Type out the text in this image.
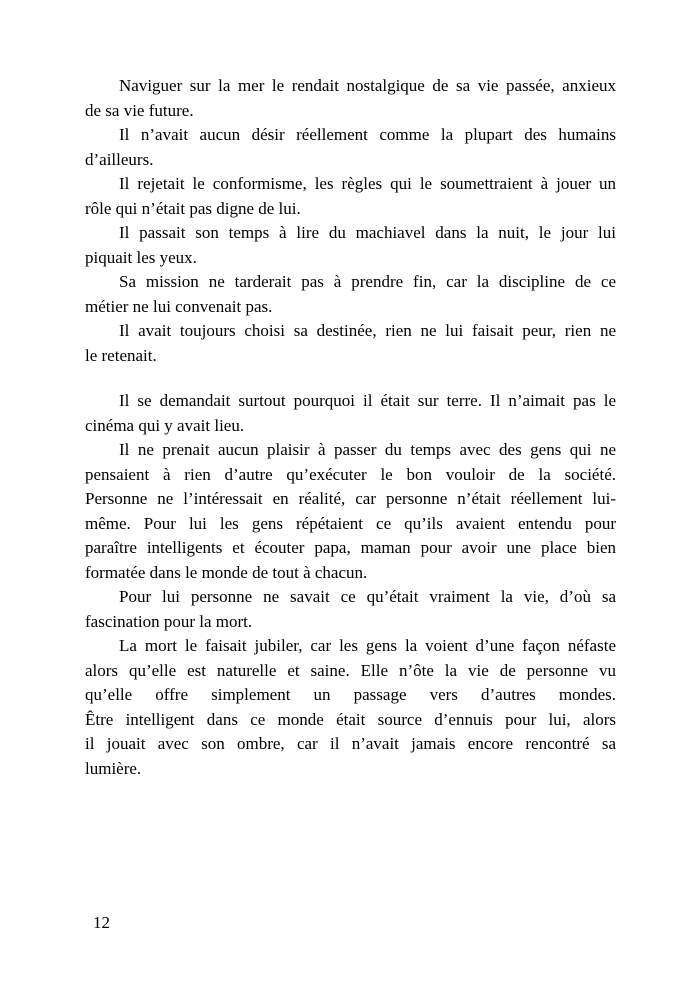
Naviguer sur la mer le rendait nostalgique de sa vie passée, anxieux
de sa vie future.
Il n’avait aucun désir réellement comme la plupart des humains
d’ailleurs.
Il rejetait le conformisme, les règles qui le soumettraient à jouer un
rôle qui n’était pas digne de lui.
Il passait son temps à lire du machiavel dans la nuit, le jour lui
piquait les yeux.
Sa mission ne tarderait pas à prendre fin, car la discipline de ce
métier ne lui convenait pas.
Il avait toujours choisi sa destinée, rien ne lui faisait peur, rien ne
le retenait.
Il se demandait surtout pourquoi il était sur terre. Il n’aimait pas le
cinéma qui y avait lieu.
Il ne prenait aucun plaisir à passer du temps avec des gens qui ne
pensaient à rien d’autre qu’exécuter le bon vouloir de la société.
Personne ne l’intéressait en réalité, car personne n’était réellement lui-
même. Pour lui les gens répétaient ce qu’ils avaient entendu pour
paraître intelligents et écouter papa, maman pour avoir une place bien
formatée dans le monde de tout à chacun.
Pour lui personne ne savait ce qu’était vraiment la vie, d’où sa
fascination pour la mort.
La mort le faisait jubiler, car les gens la voient d’une façon néfaste
alors qu’elle est naturelle et saine. Elle n’ôte la vie de personne vu
qu’elle offre simplement un passage vers d’autres mondes.
Être intelligent dans ce monde était source d’ennuis pour lui, alors
il jouait avec son ombre, car il n’avait jamais encore rencontré sa
lumière.
12
